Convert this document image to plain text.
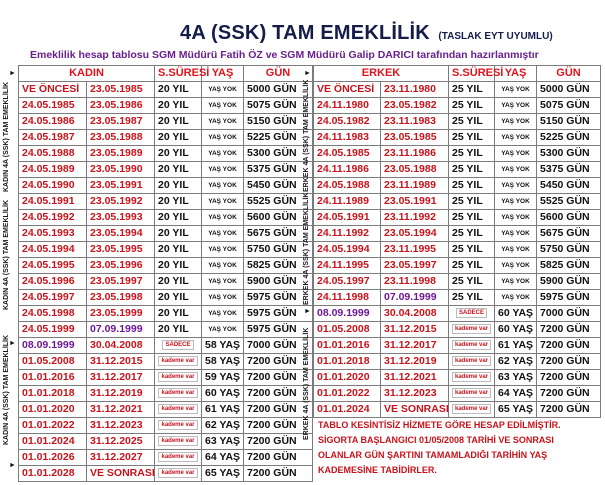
4A (SSK) TAM EMEKLİLİK (TASLAK EYT UYUMLU)
Emeklilik hesap tablosu SGM Müdürü Fatih ÖZ ve SGM Müdürü Galip DARICI tarafından hazırlanmıştır
KADIN		S.SÜRESİ	YAŞ	GÜN
VE ÖNCESİ	23.05.1985	20 YIL	YAŞ YOK	5000 GÜN
24.05.1985	23.05.1986	20 YIL	YAŞ YOK	5075 GÜN
24.05.1986	23.05.1987	20 YIL	YAŞ YOK	5150 GÜN
24.05.1987	23.05.1988	20 YIL	YAŞ YOK	5225 GÜN
24.05.1988	23.05.1989	20 YIL	YAŞ YOK	5300 GÜN
24.05.1989	23.05.1990	20 YIL	YAŞ YOK	5375 GÜN
24.05.1990	23.05.1991	20 YIL	YAŞ YOK	5450 GÜN
24.05.1991	23.05.1992	20 YIL	YAŞ YOK	5525 GÜN
24.05.1992	23.05.1993	20 YIL	YAŞ YOK	5600 GÜN
24.05.1993	23.05.1994	20 YIL	YAŞ YOK	5675 GÜN
24.05.1994	23.05.1995	20 YIL	YAŞ YOK	5750 GÜN
24.05.1995	23.05.1996	20 YIL	YAŞ YOK	5825 GÜN
24.05.1996	23.05.1997	20 YIL	YAŞ YOK	5900 GÜN
24.05.1997	23.05.1998	20 YIL	YAŞ YOK	5975 GÜN
24.05.1998	23.05.1999	20 YIL	YAŞ YOK	5975 GÜN
24.05.1999	07.09.1999	20 YIL	YAŞ YOK	5975 GÜN
08.09.1999	30.04.2008	SADECE	58 YAŞ	7000 GÜN
01.05.2008	31.12.2015	kademe var	58 YAŞ	7200 GÜN
01.01.2016	31.12.2017	kademe var	59 YAŞ	7200 GÜN
01.01.2018	31.12.2019	kademe var	60 YAŞ	7200 GÜN
01.01.2020	31.12.2021	kademe var	61 YAŞ	7200 GÜN
01.01.2022	31.12.2023	kademe var	62 YAŞ	7200 GÜN
01.01.2024	31.12.2025	kademe var	63 YAŞ	7200 GÜN
01.01.2026	31.12.2027	kademe var	64 YAŞ	7200 GÜN
01.01.2028	VE SONRASI	kademe var	65 YAŞ	7200 GÜN
ERKEK		S.SÜRESİ	YAŞ	GÜN
VE ÖNCESİ	23.11.1980	25 YIL	YAŞ YOK	5000 GÜN
24.11.1980	23.05.1982	25 YIL	YAŞ YOK	5075 GÜN
24.05.1982	23.11.1983	25 YIL	YAŞ YOK	5150 GÜN
24.11.1983	23.05.1985	25 YIL	YAŞ YOK	5225 GÜN
24.05.1985	23.11.1986	25 YIL	YAŞ YOK	5300 GÜN
24.11.1986	23.05.1988	25 YIL	YAŞ YOK	5375 GÜN
24.05.1988	23.11.1989	25 YIL	YAŞ YOK	5450 GÜN
24.11.1989	23.05.1991	25 YIL	YAŞ YOK	5525 GÜN
24.05.1991	23.11.1992	25 YIL	YAŞ YOK	5600 GÜN
24.11.1992	23.05.1994	25 YIL	YAŞ YOK	5675 GÜN
24.05.1994	23.11.1995	25 YIL	YAŞ YOK	5750 GÜN
24.11.1995	23.05.1997	25 YIL	YAŞ YOK	5825 GÜN
24.05.1997	23.11.1998	25 YIL	YAŞ YOK	5900 GÜN
24.11.1998	07.09.1999	25 YIL	YAŞ YOK	5975 GÜN
08.09.1999	30.04.2008	SADECE	60 YAŞ	7000 GÜN
01.05.2008	31.12.2015	kademe var	60 YAŞ	7200 GÜN
01.01.2016	31.12.2017	kademe var	61 YAŞ	7200 GÜN
01.01.2018	31.12.2019	kademe var	62 YAŞ	7200 GÜN
01.01.2020	31.12.2021	kademe var	63 YAŞ	7200 GÜN
01.01.2022	31.12.2023	kademe var	64 YAŞ	7200 GÜN
01.01.2024	VE SONRASI	kademe var	65 YAŞ	7200 GÜN
KADIN 4A (SSK) TAM EMEKLİLİK
KADIN 4A (SSK) TAM EMEKLİLİK
KADIN 4A (SSK) TAM EMEKLİLİK
ERKEK 4A (SSK) TAM EMEKLİLİK
ERKEK 4A (SSK) TAM EMEKLİLİK
ERKEK 4A (SSK) TAM EMEKLİLİK
►
►
►
►
►
TABLO KESİNTİSİZ HİZMETE GÖRE HESAP EDİLMİŞTİR.
SİGORTA BAŞLANGICI 01/05/2008 TARİHİ VE SONRASI
OLANLAR GÜN ŞARTINI TAMAMLADIĞI TARİHİN YAŞ
KADEMESİNE TABİDİRLER.
